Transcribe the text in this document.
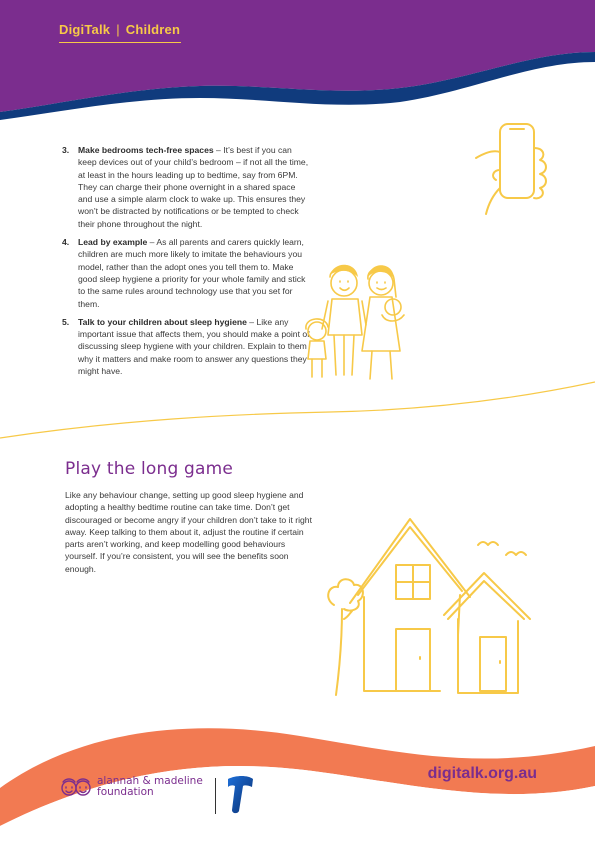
DigiTalk | Children
3.	Make bedrooms tech-free spaces – It’s best if you can keep devices out of your child’s bedroom – if not all the time, at least in the hours leading up to bedtime, say from 6PM. They can charge their phone overnight in a shared space and use a simple alarm clock to wake up. This ensures they won’t be distracted by notifications or be tempted to check their phone throughout the night.
4.	Lead by example – As all parents and carers quickly learn, children are much more likely to imitate the behaviours you model, rather than the adopt ones you tell them to. Make good sleep hygiene a priority for your whole family and stick to the same rules around technology use that you set for them.
5.	Talk to your children about sleep hygiene – Like any important issue that affects them, you should make a point of discussing sleep hygiene with your children. Explain to them why it matters and make room to answer any questions they might have.
Play the long game

Like any behaviour change, setting up good sleep hygiene and adopting a healthy bedtime routine can take time. Don’t get discouraged or become angry if your children don’t take to it right away. Keep talking to them about it, adjust the routine if certain parts aren’t working, and keep modelling good behaviours yourself. If you’re consistent, you will see the benefits soon enough.

digitalk.org.au
alannah & madeline
foundation
